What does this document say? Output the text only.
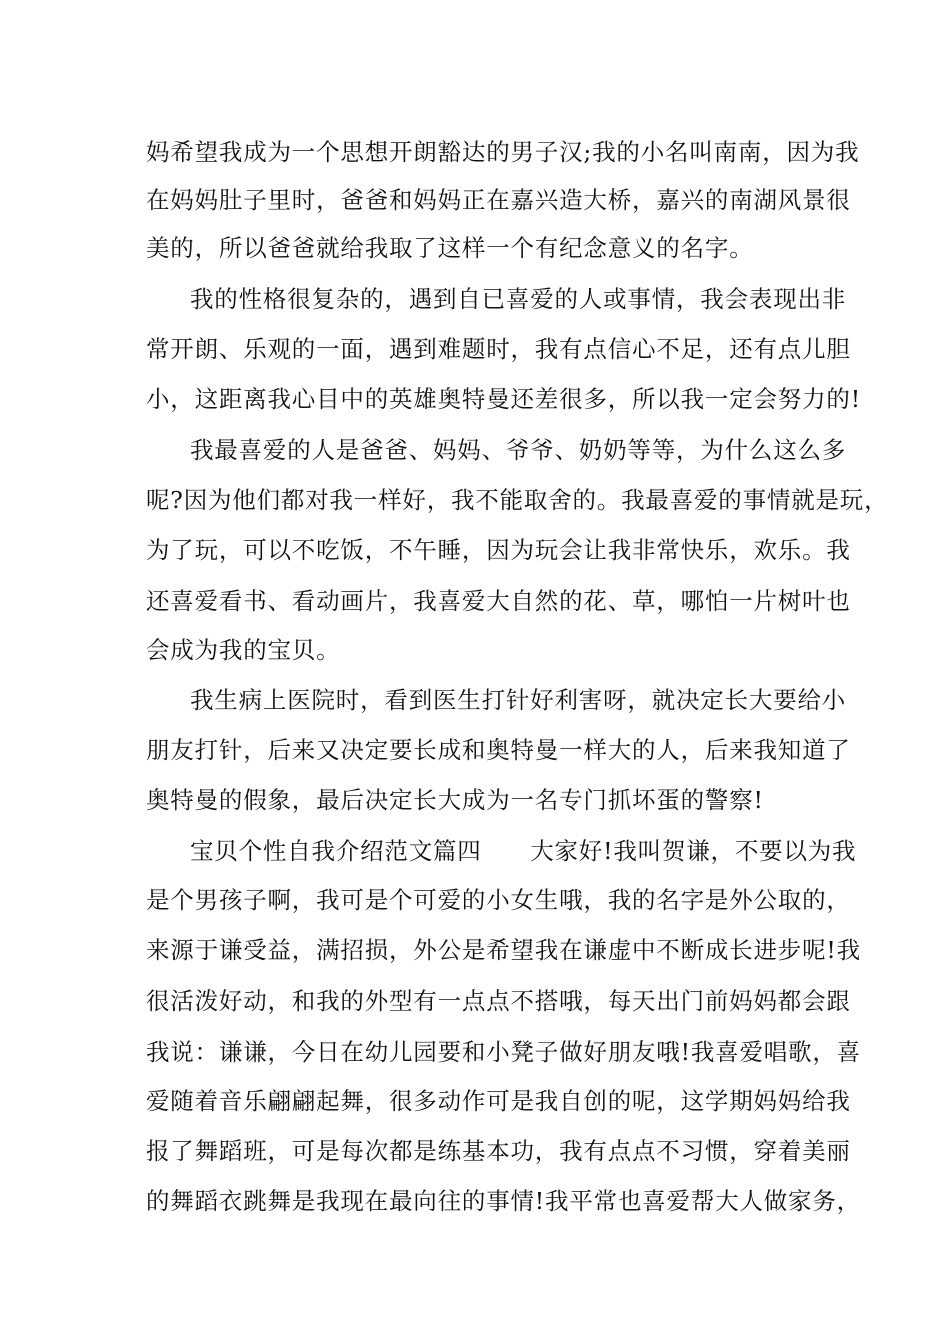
妈希望我成为一个思想开朗豁达的男子汉;我的小名叫南南，因为我
在妈妈肚子里时，爸爸和妈妈正在嘉兴造大桥，嘉兴的南湖风景很
美的，所以爸爸就给我取了这样一个有纪念意义的名字。
我的性格很复杂的，遇到自已喜爱的人或事情，我会表现出非
常开朗、乐观的一面，遇到难题时，我有点信心不足，还有点儿胆
小，这距离我心目中的英雄奥特曼还差很多，所以我一定会努力的!
我最喜爱的人是爸爸、妈妈、爷爷、奶奶等等，为什么这么多
呢?因为他们都对我一样好，我不能取舍的。我最喜爱的事情就是玩，
为了玩，可以不吃饭，不午睡，因为玩会让我非常快乐，欢乐。我
还喜爱看书、看动画片，我喜爱大自然的花、草，哪怕一片树叶也
会成为我的宝贝。
我生病上医院时，看到医生打针好利害呀，就决定长大要给小
朋友打针，后来又决定要长成和奥特曼一样大的人，后来我知道了
奥特曼的假象，最后决定长大成为一名专门抓坏蛋的警察!
宝贝个性自我介绍范文篇四　　大家好!我叫贺谦，不要以为我
是个男孩子啊，我可是个可爱的小女生哦，我的名字是外公取的，
来源于谦受益，满招损，外公是希望我在谦虚中不断成长进步呢!我
很活泼好动，和我的外型有一点点不搭哦，每天出门前妈妈都会跟
我说：谦谦，今日在幼儿园要和小凳子做好朋友哦!我喜爱唱歌，喜
爱随着音乐翩翩起舞，很多动作可是我自创的呢，这学期妈妈给我
报了舞蹈班，可是每次都是练基本功，我有点点不习惯，穿着美丽
的舞蹈衣跳舞是我现在最向往的事情!我平常也喜爱帮大人做家务，
